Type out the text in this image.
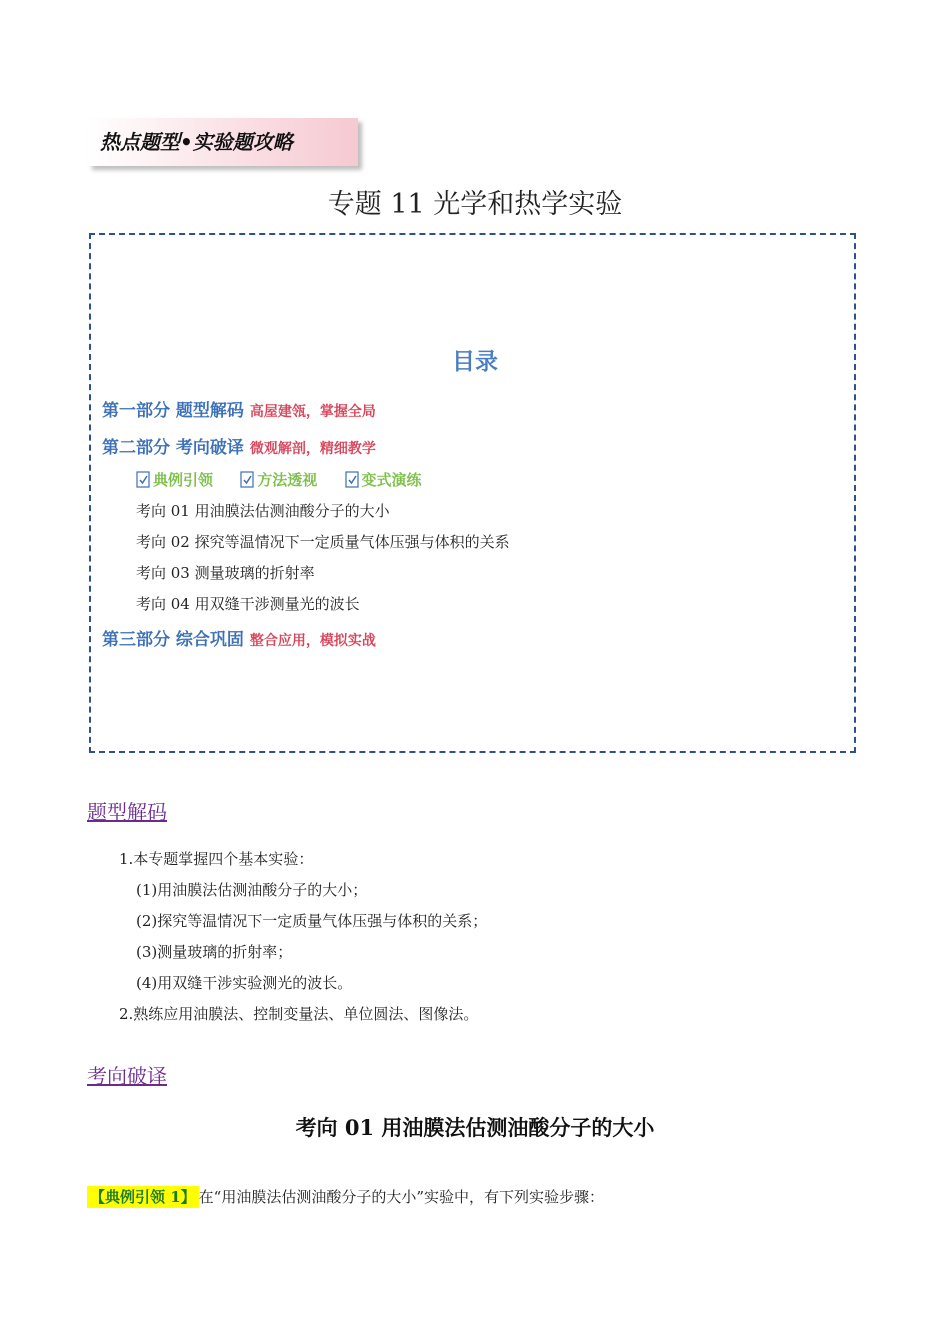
热点题型•实验题攻略
专题 11 光学和热学实验
目录
第一部分 题型解码 高屋建瓴，掌握全局
第二部分 考向破译 微观解剖，精细教学
典例引领	方法透视	变式演练
考向 01 用油膜法估测油酸分子的大小
考向 02 探究等温情况下一定质量气体压强与体积的关系
考向 03 测量玻璃的折射率
考向 04 用双缝干涉测量光的波长
第三部分 综合巩固 整合应用，模拟实战
题型解码
1.本专题掌握四个基本实验：
(1)用油膜法估测油酸分子的大小；
(2)探究等温情况下一定质量气体压强与体积的关系；
(3)测量玻璃的折射率；
(4)用双缝干涉实验测光的波长。
2.熟练应用油膜法、控制变量法、单位圆法、图像法。
考向破译
考向 01 用油膜法估测油酸分子的大小
【典例引领 1】 在“用油膜法估测油酸分子的大小”实验中，有下列实验步骤：
